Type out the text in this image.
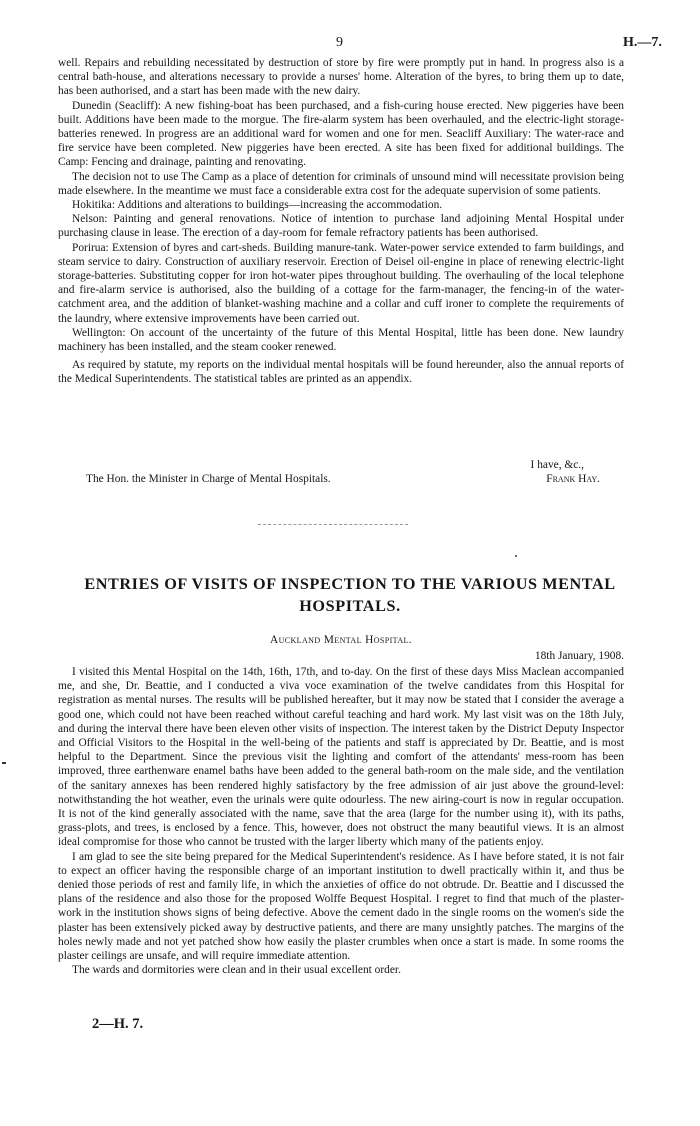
9	H.—7.

well. Repairs and rebuilding necessitated by destruction of store by fire were promptly put in hand. In progress also is a central bath-house, and alterations necessary to provide a nurses' home. Alteration of the byres, to bring them up to date, has been authorised, and a start has been made with the new dairy.

Dunedin (Seacliff): A new fishing-boat has been purchased, and a fish-curing house erected. New piggeries have been built. Additions have been made to the morgue. The fire-alarm system has been overhauled, and the electric-light storage-batteries renewed. In progress are an additional ward for women and one for men. Seacliff Auxiliary: The water-race and fire service have been completed. New piggeries have been erected. A site has been fixed for additional buildings. The Camp: Fencing and drainage, painting and renovating.

The decision not to use The Camp as a place of detention for criminals of unsound mind will necessitate provision being made elsewhere. In the meantime we must face a considerable extra cost for the adequate supervision of some patients.

Hokitika: Additions and alterations to buildings—increasing the accommodation.

Nelson: Painting and general renovations. Notice of intention to purchase land adjoining Mental Hospital under purchasing clause in lease. The erection of a day-room for female refractory patients has been authorised.

Porirua: Extension of byres and cart-sheds. Building manure-tank. Water-power service extended to farm buildings, and steam service to dairy. Construction of auxiliary reservoir. Erection of Deisel oil-engine in place of renewing electric-light storage-batteries. Substituting copper for iron hot-water pipes throughout building. The overhauling of the local telephone and fire-alarm service is authorised, also the building of a cottage for the farm-manager, the fencing-in of the water-catchment area, and the addition of blanket-washing machine and a collar and cuff ironer to complete the requirements of the laundry, where extensive improvements have been carried out.

Wellington: On account of the uncertainty of the future of this Mental Hospital, little has been done. New laundry machinery has been installed, and the steam cooker renewed.

As required by statute, my reports on the individual mental hospitals will be found hereunder, also the annual reports of the Medical Superintendents. The statistical tables are printed as an appendix.

I have, &c.,
The Hon. the Minister in Charge of Mental Hospitals.	Frank Hay.
ENTRIES OF VISITS OF INSPECTION TO THE VARIOUS MENTAL
HOSPITALS.
Auckland Mental Hospital.
18th January, 1908.

I visited this Mental Hospital on the 14th, 16th, 17th, and to-day. On the first of these days Miss Maclean accompanied me, and she, Dr. Beattie, and I conducted a viva voce examination of the twelve candidates from this Hospital for registration as mental nurses. The results will be published hereafter, but it may now be stated that I consider the average a good one, which could not have been reached without careful teaching and hard work. My last visit was on the 18th July, and during the interval there have been eleven other visits of inspection. The interest taken by the District Deputy Inspector and Official Visitors to the Hospital in the well-being of the patients and staff is appreciated by Dr. Beattie, and is most helpful to the Department. Since the previous visit the lighting and comfort of the attendants' mess-room has been improved, three earthenware enamel baths have been added to the general bath-room on the male side, and the ventilation of the sanitary annexes has been rendered highly satisfactory by the free admission of air just above the ground-level: notwithstanding the hot weather, even the urinals were quite odourless. The new airing-court is now in regular occupation. It is not of the kind generally associated with the name, save that the area (large for the number using it), with its paths, grass-plots, and trees, is enclosed by a fence. This, however, does not obstruct the many beautiful views. It is an almost ideal compromise for those who cannot be trusted with the larger liberty which many of the patients enjoy.

I am glad to see the site being prepared for the Medical Superintendent's residence. As I have before stated, it is not fair to expect an officer having the responsible charge of an important institution to dwell practically within it, and thus be denied those periods of rest and family life, in which the anxieties of office do not obtrude. Dr. Beattie and I discussed the plans of the residence and also those for the proposed Wolffe Bequest Hospital. I regret to find that much of the plaster-work in the institution shows signs of being defective. Above the cement dado in the single rooms on the women's side the plaster has been extensively picked away by destructive patients, and there are many unsightly patches. The margins of the holes newly made and not yet patched show how easily the plaster crumbles when once a start is made. In some rooms the plaster ceilings are unsafe, and will require immediate attention.

The wards and dormitories were clean and in their usual excellent order.

2—H. 7.
